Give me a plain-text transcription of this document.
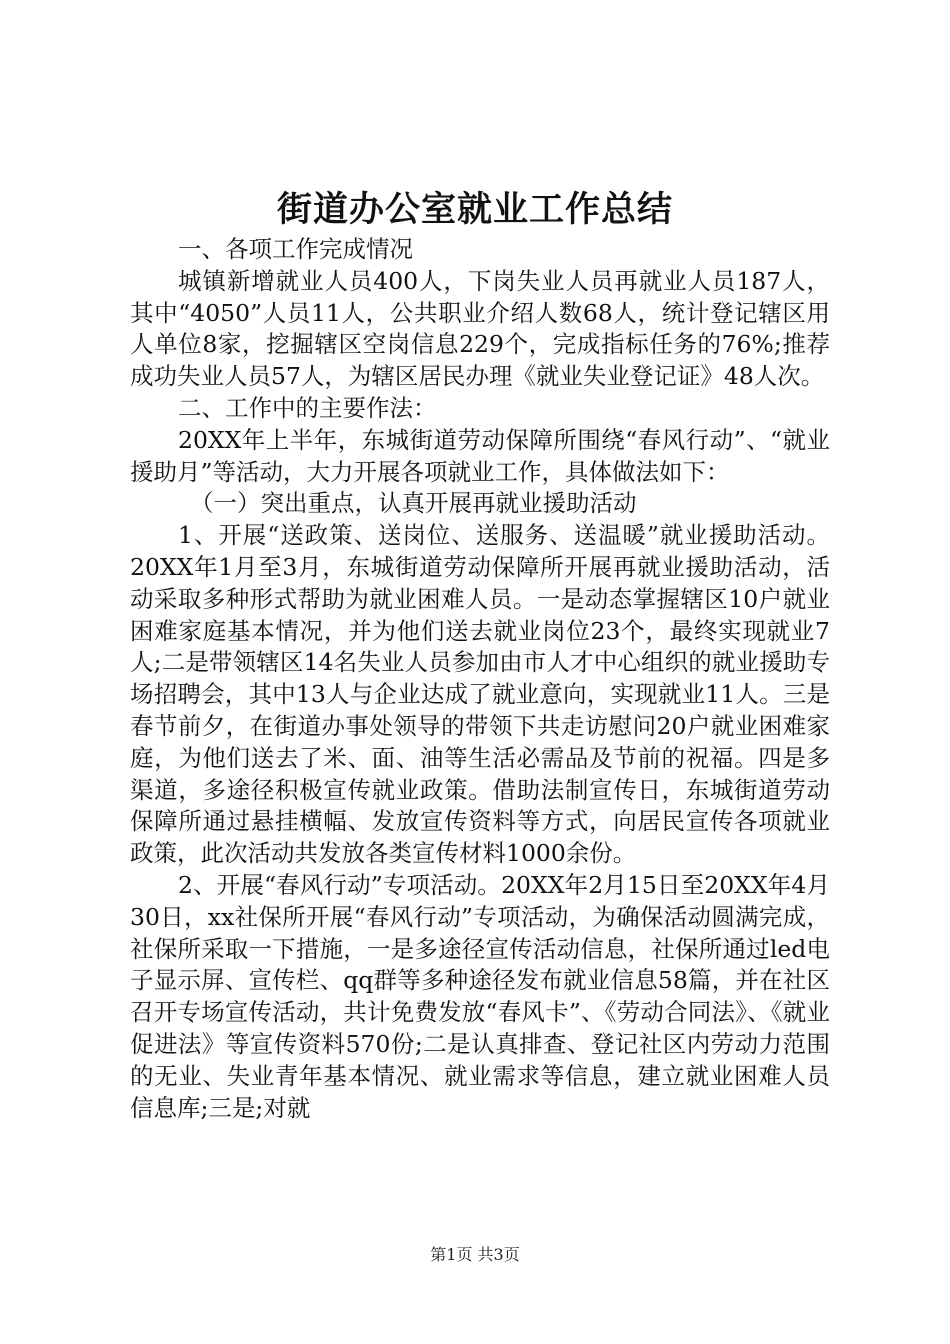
街道办公室就业工作总结

一、各项工作完成情况

城镇新增就业人员400人，下岗失业人员再就业人员187人，其中“4050”人员11人，公共职业介绍人数68人，统计登记辖区用人单位8家，挖掘辖区空岗信息229个，完成指标任务的76%;推荐成功失业人员57人，为辖区居民办理《就业失业登记证》48人次。

二、工作中的主要作法：

20XX年上半年，东城街道劳动保障所围绕“春风行动”、“就业援助月”等活动，大力开展各项就业工作，具体做法如下：

（一）突出重点，认真开展再就业援助活动

1、开展“送政策、送岗位、送服务、送温暖”就业援助活动。20XX年1月至3月，东城街道劳动保障所开展再就业援助活动，活动采取多种形式帮助为就业困难人员。一是动态掌握辖区10户就业困难家庭基本情况，并为他们送去就业岗位23个，最终实现就业7人;二是带领辖区14名失业人员参加由市人才中心组织的就业援助专场招聘会，其中13人与企业达成了就业意向，实现就业11人。三是春节前夕，在街道办事处领导的带领下共走访慰问20户就业困难家庭，为他们送去了米、面、油等生活必需品及节前的祝福。四是多渠道，多途径积极宣传就业政策。借助法制宣传日，东城街道劳动保障所通过悬挂横幅、发放宣传资料等方式，向居民宣传各项就业政策，此次活动共发放各类宣传材料1000余份。

2、开展“春风行动”专项活动。20XX年2月15日至20XX年4月30日，xx社保所开展“春风行动”专项活动，为确保活动圆满完成，社保所采取一下措施，一是多途径宣传活动信息，社保所通过led电子显示屏、宣传栏、qq群等多种途径发布就业信息58篇，并在社区召开专场宣传活动，共计免费发放“春风卡”、《劳动合同法》、《就业促进法》等宣传资料570份;二是认真排查、登记社区内劳动力范围的无业、失业青年基本情况、就业需求等信息，建立就业困难人员信息库;三是;对就

第1页 共3页
